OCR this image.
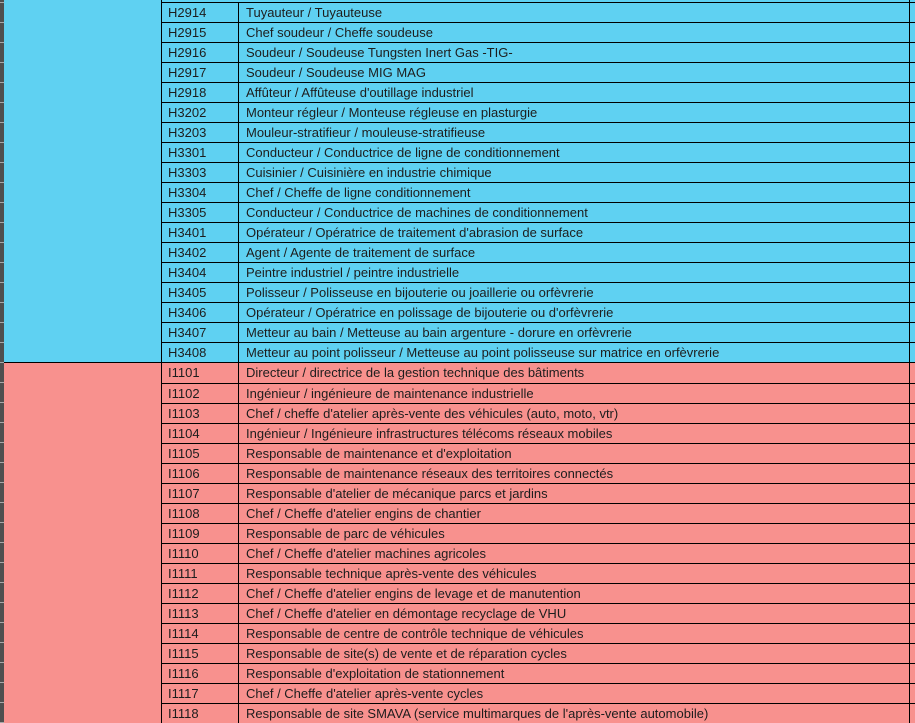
H2914	Tuyauteur / Tuyauteuse
H2915	Chef soudeur / Cheffe soudeuse
H2916	Soudeur / Soudeuse Tungsten Inert Gas -TIG-
H2917	Soudeur / Soudeuse MIG MAG
H2918	Affûteur / Affûteuse d'outillage industriel
H3202	Monteur régleur / Monteuse régleuse en plasturgie
H3203	Mouleur-stratifieur / mouleuse-stratifieuse
H3301	Conducteur / Conductrice de ligne de conditionnement
H3303	Cuisinier / Cuisinière en industrie chimique
H3304	Chef / Cheffe de ligne conditionnement
H3305	Conducteur / Conductrice de machines de conditionnement
H3401	Opérateur / Opératrice de traitement d'abrasion de surface
H3402	Agent / Agente de traitement de surface
H3404	Peintre industriel / peintre industrielle
H3405	Polisseur / Polisseuse en bijouterie ou joaillerie ou orfèvrerie
H3406	Opérateur / Opératrice en polissage de bijouterie ou d'orfèvrerie
H3407	Metteur au bain / Metteuse au bain argenture - dorure en orfèvrerie
H3408	Metteur au point polisseur / Metteuse au point polisseuse sur matrice en orfèvrerie
I1101	Directeur / directrice de la gestion technique des bâtiments
I1102	Ingénieur / ingénieure de maintenance industrielle
I1103	Chef / cheffe d'atelier après-vente des véhicules (auto, moto, vtr)
I1104	Ingénieur / Ingénieure infrastructures télécoms réseaux mobiles
I1105	Responsable de maintenance et d'exploitation
I1106	Responsable de maintenance réseaux des territoires connectés
I1107	Responsable d'atelier de mécanique parcs et jardins
I1108	Chef / Cheffe d'atelier engins de chantier
I1109	Responsable de parc de véhicules
I1110	Chef / Cheffe d'atelier machines agricoles
I1111	Responsable technique après-vente des véhicules
I1112	Chef / Cheffe d'atelier engins de levage et de manutention
I1113	Chef / Cheffe d'atelier en démontage recyclage de VHU
I1114	Responsable de centre de contrôle technique de véhicules
I1115	Responsable de site(s) de vente et de réparation cycles
I1116	Responsable d'exploitation de stationnement
I1117	Chef / Cheffe d'atelier après-vente cycles
I1118	Responsable de site SMAVA (service multimarques de l'après-vente automobile)
